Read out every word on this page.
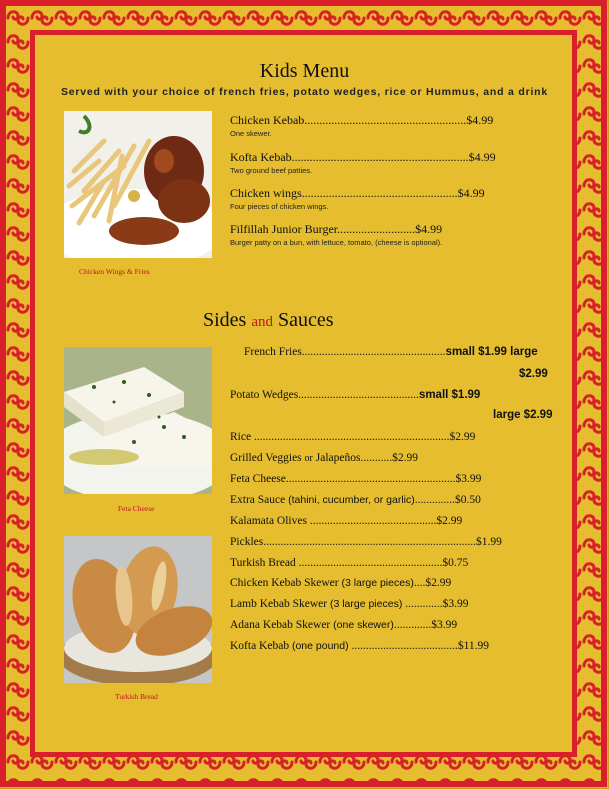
Kids Menu
Served with your choice of french fries, potato wedges, rice or Hummus, and a drink
Chicken Wings & Fries
Chicken Kebab......................................................$4.99
One skewer.
Kofta Kebab...........................................................$4.99
Two ground beef patties.
Chicken wings....................................................$4.99
Four pieces of chicken wings.
Filfillah Junior Burger..........................$4.99
Burger patty on a bun, with lettuce, tomato, (cheese is optional).
Sides and Sauces
Feta Cheese
Turkish Bread
French Fries..................................................small $1.99 large
$2.99
Potato Wedges..........................................small $1.99
large $2.99
Rice ....................................................................$2.99
Grilled Veggies or Jalapeños...........$2.99
Feta Cheese...........................................................$3.99
Extra Sauce (tahini, cucumber, or garlic)..............$0.50
Kalamata Olives ............................................$2.99
Pickles..........................................................................$1.99
Turkish Bread ..................................................$0.75
Chicken Kebab Skewer (3 large pieces)....$2.99
Lamb Kebab Skewer (3 large pieces) .............$3.99
Adana Kebab Skewer (one skewer).............$3.99
Kofta Kebab (one pound) .....................................$11.99
